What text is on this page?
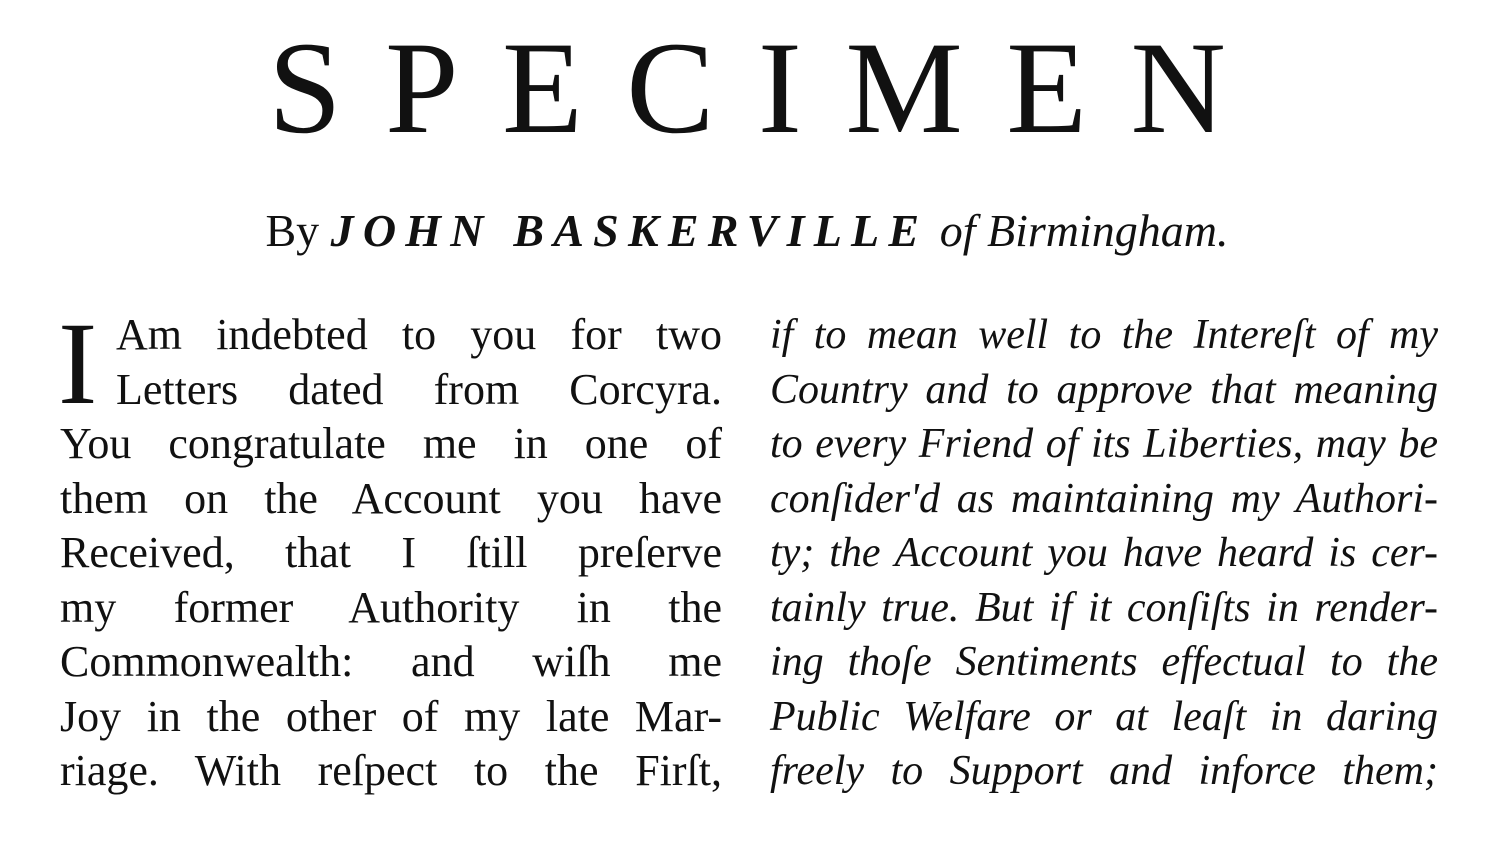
SPECIMEN
By JOHN BASKERVILLE of Birmingham.
I Am indebted to you for two
Letters dated from Corcyra.
You congratulate me in one of
them on the Account you have
Received, that I ſtill preſerve
my former Authority in the
Commonwealth: and wiſh me
Joy in the other of my late Mar-
riage. With reſpect to the Firſt,
if to mean well to the Intereſt of my
Country and to approve that meaning
to every Friend of its Liberties, may be
conſider'd as maintaining my Authori-
ty; the Account you have heard is cer-
tainly true. But if it conſiſts in render-
ing thoſe Sentiments effectual to the
Public Welfare or at leaſt in daring
freely to Support and inforce them;
